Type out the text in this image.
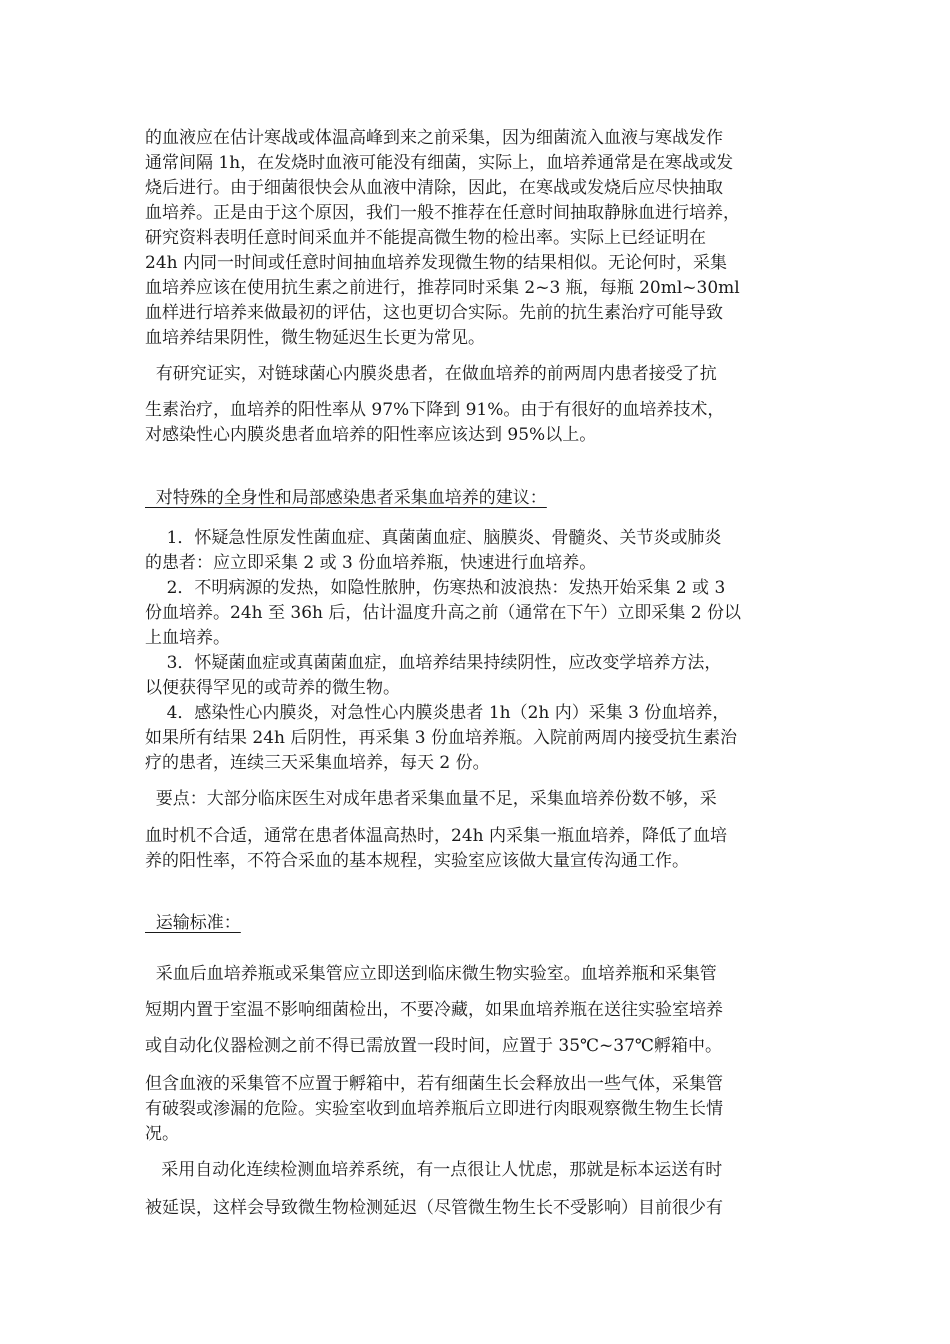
的血液应在估计寒战或体温高峰到来之前采集，因为细菌流入血液与寒战发作
通常间隔 1h，在发烧时血液可能没有细菌，实际上，血培养通常是在寒战或发
烧后进行。由于细菌很快会从血液中清除，因此，在寒战或发烧后应尽快抽取
血培养。正是由于这个原因，我们一般不推荐在任意时间抽取静脉血进行培养，
研究资料表明任意时间采血并不能提高微生物的检出率。实际上已经证明在
24h 内同一时间或任意时间抽血培养发现微生物的结果相似。无论何时，采集
血培养应该在使用抗生素之前进行，推荐同时采集 2~3 瓶，每瓶 20ml~30ml
血样进行培养来做最初的评估，这也更切合实际。先前的抗生素治疗可能导致
血培养结果阴性，微生物延迟生长更为常见。
有研究证实，对链球菌心内膜炎患者，在做血培养的前两周内患者接受了抗
生素治疗，血培养的阳性率从 97%下降到 91%。由于有很好的血培养技术，
对感染性心内膜炎患者血培养的阳性率应该达到 95%以上。
对特殊的全身性和局部感染患者采集血培养的建议：
1．怀疑急性原发性菌血症、真菌菌血症、脑膜炎、骨髓炎、关节炎或肺炎
的患者：应立即采集 2 或 3 份血培养瓶，快速进行血培养。
2．不明病源的发热，如隐性脓肿，伤寒热和波浪热：发热开始采集 2 或 3
份血培养。24h 至 36h 后，估计温度升高之前（通常在下午）立即采集 2 份以
上血培养。
3．怀疑菌血症或真菌菌血症，血培养结果持续阴性，应改变学培养方法，
以便获得罕见的或苛养的微生物。
4．感染性心内膜炎，对急性心内膜炎患者 1h（2h 内）采集 3 份血培养，
如果所有结果 24h 后阴性，再采集 3 份血培养瓶。入院前两周内接受抗生素治
疗的患者，连续三天采集血培养，每天 2 份。
要点：大部分临床医生对成年患者采集血量不足，采集血培养份数不够，采
血时机不合适，通常在患者体温高热时，24h 内采集一瓶血培养，降低了血培
养的阳性率，不符合采血的基本规程，实验室应该做大量宣传沟通工作。
运输标准：
采血后血培养瓶或采集管应立即送到临床微生物实验室。血培养瓶和采集管
短期内置于室温不影响细菌检出，不要冷藏，如果血培养瓶在送往实验室培养
或自动化仪器检测之前不得已需放置一段时间，应置于 35℃~37℃孵箱中。
但含血液的采集管不应置于孵箱中，若有细菌生长会释放出一些气体，采集管
有破裂或渗漏的危险。实验室收到血培养瓶后立即进行肉眼观察微生物生长情
况。
采用自动化连续检测血培养系统，有一点很让人忧虑，那就是标本运送有时
被延误，这样会导致微生物检测延迟（尽管微生物生长不受影响）目前很少有
